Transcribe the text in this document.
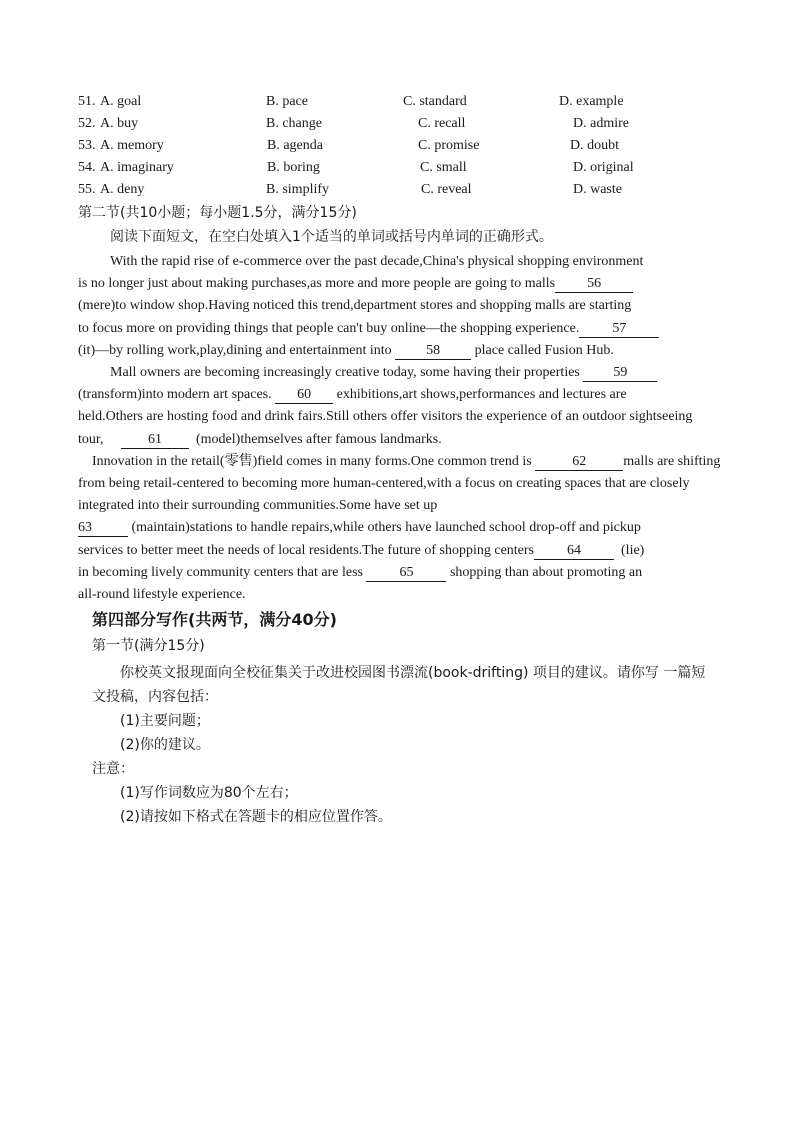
51. A. goal	B. pace	C. standard	D. example
52. A. buy	B. change	C. recall	D. admire
53. A. memory	B. agenda	C. promise	D. doubt
54. A. imaginary	B. boring	C. small	D. original
55. A. deny	B. simplify	C. reveal	D. waste
第二节(共10小题；每小题1.5分，满分15分)
阅读下面短文，在空白处填入1个适当的单词或括号内单词的正确形式。
With the rapid rise of e-commerce over the past decade,China's physical shopping environment
is no longer just about making purchases,as more and more people are going to malls 56
(mere)to window shop.Having noticed this trend,department stores and shopping malls are starting
to focus more on providing things that people can't buy online—the shopping experience. 57
(it)—by rolling work,play,dining and entertainment into 58 place called Fusion Hub.
Mall owners are becoming increasingly creative today, some having their properties 59
(transform)into modern art spaces. 60 exhibitions,art shows,performances and lectures are
held.Others are hosting food and drink fairs.Still others offer visitors the experience of an outdoor sightseeing
tour,	61 (model)themselves after famous landmarks.
Innovation in the retail(零售)field comes in many forms.One common trend is	62	malls are shifting
from being retail-centered to becoming more human-centered,with a focus on creating spaces that are closely
integrated into their surrounding communities.Some have set up
63	(maintain)stations to handle repairs,while others have launched school drop-off and pickup
services to better meet the needs of local residents.The future of shopping centers 64	(lie)
in becoming lively community centers that are less	65	shopping than about promoting an
all-round lifestyle experience.
第四部分写作(共两节，满分40分)
第一节(满分15分)
你校英文报现面向全校征集关于改进校园图书漂流(book-drifting) 项目的建议。请你写 一篇短
文投稿，内容包括：
(1)主要问题；
(2)你的建议。
注意：
(1)写作词数应为80个左右；
(2)请按如下格式在答题卡的相应位置作答。
